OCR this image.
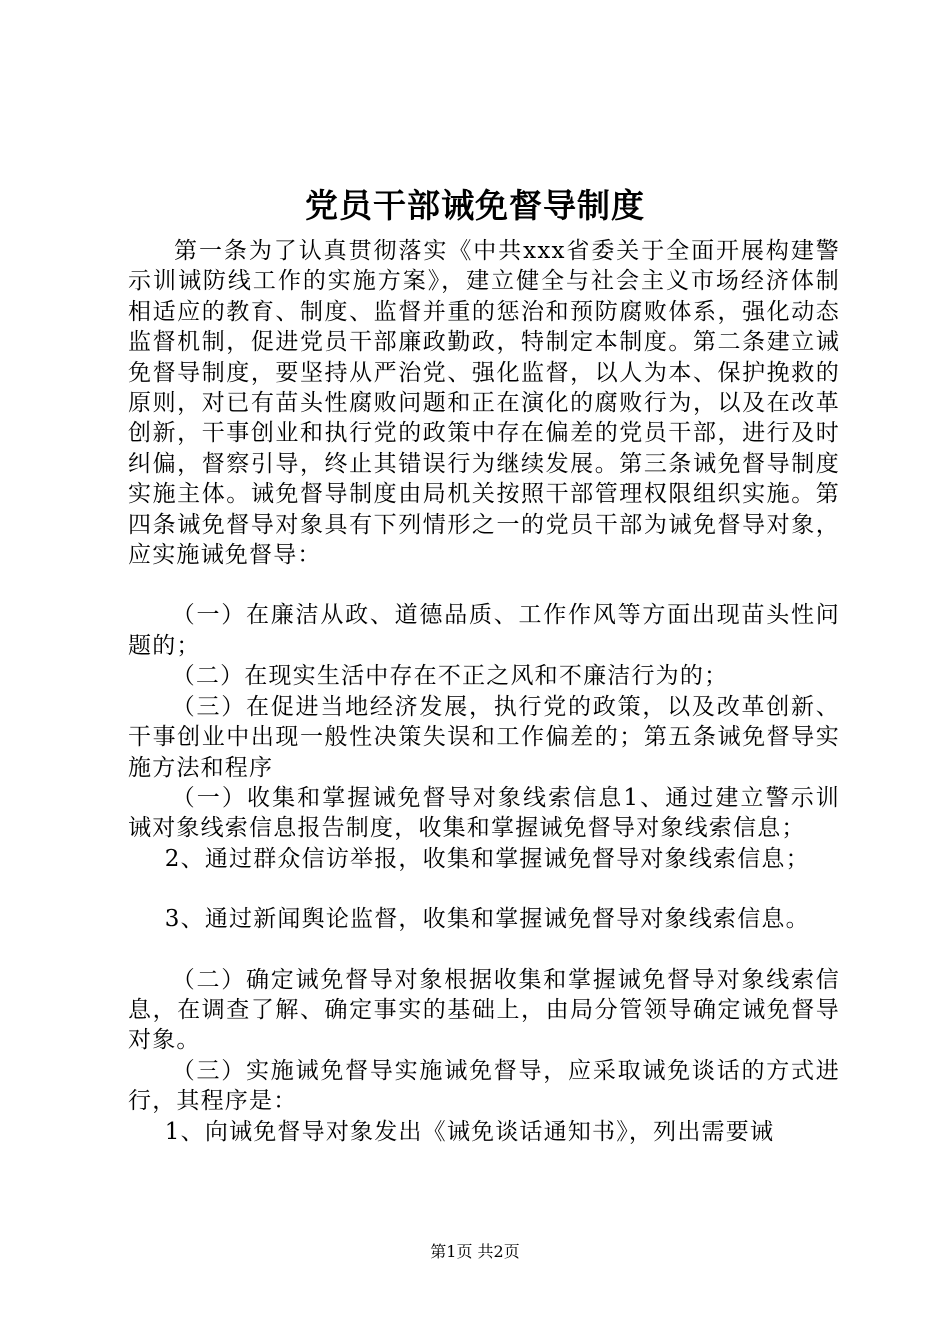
党员干部诫免督导制度

第一条为了认真贯彻落实《中共xxx省委关于全面开展构建警示训诫防线工作的实施方案》，建立健全与社会主义市场经济体制相适应的教育、制度、监督并重的惩治和预防腐败体系，强化动态监督机制，促进党员干部廉政勤政，特制定本制度。第二条建立诫免督导制度，要坚持从严治党、强化监督，以人为本、保护挽救的原则，对已有苗头性腐败问题和正在演化的腐败行为，以及在改革创新，干事创业和执行党的政策中存在偏差的党员干部，进行及时纠偏，督察引导，终止其错误行为继续发展。第三条诫免督导制度实施主体。诫免督导制度由局机关按照干部管理权限组织实施。第四条诫免督导对象具有下列情形之一的党员干部为诫免督导对象，应实施诫免督导：

（一）在廉洁从政、道德品质、工作作风等方面出现苗头性问题的；

（二）在现实生活中存在不正之风和不廉洁行为的；

（三）在促进当地经济发展，执行党的政策，以及改革创新、干事创业中出现一般性决策失误和工作偏差的；第五条诫免督导实施方法和程序

（一）收集和掌握诫免督导对象线索信息1、通过建立警示训诫对象线索信息报告制度，收集和掌握诫免督导对象线索信息；

2、通过群众信访举报，收集和掌握诫免督导对象线索信息；

3、通过新闻舆论监督，收集和掌握诫免督导对象线索信息。

（二）确定诫免督导对象根据收集和掌握诫免督导对象线索信息，在调查了解、确定事实的基础上，由局分管领导确定诫免督导对象。

（三）实施诫免督导实施诫免督导，应采取诫免谈话的方式进行，其程序是：

1、向诫免督导对象发出《诫免谈话通知书》，列出需要诫

第1页 共2页
